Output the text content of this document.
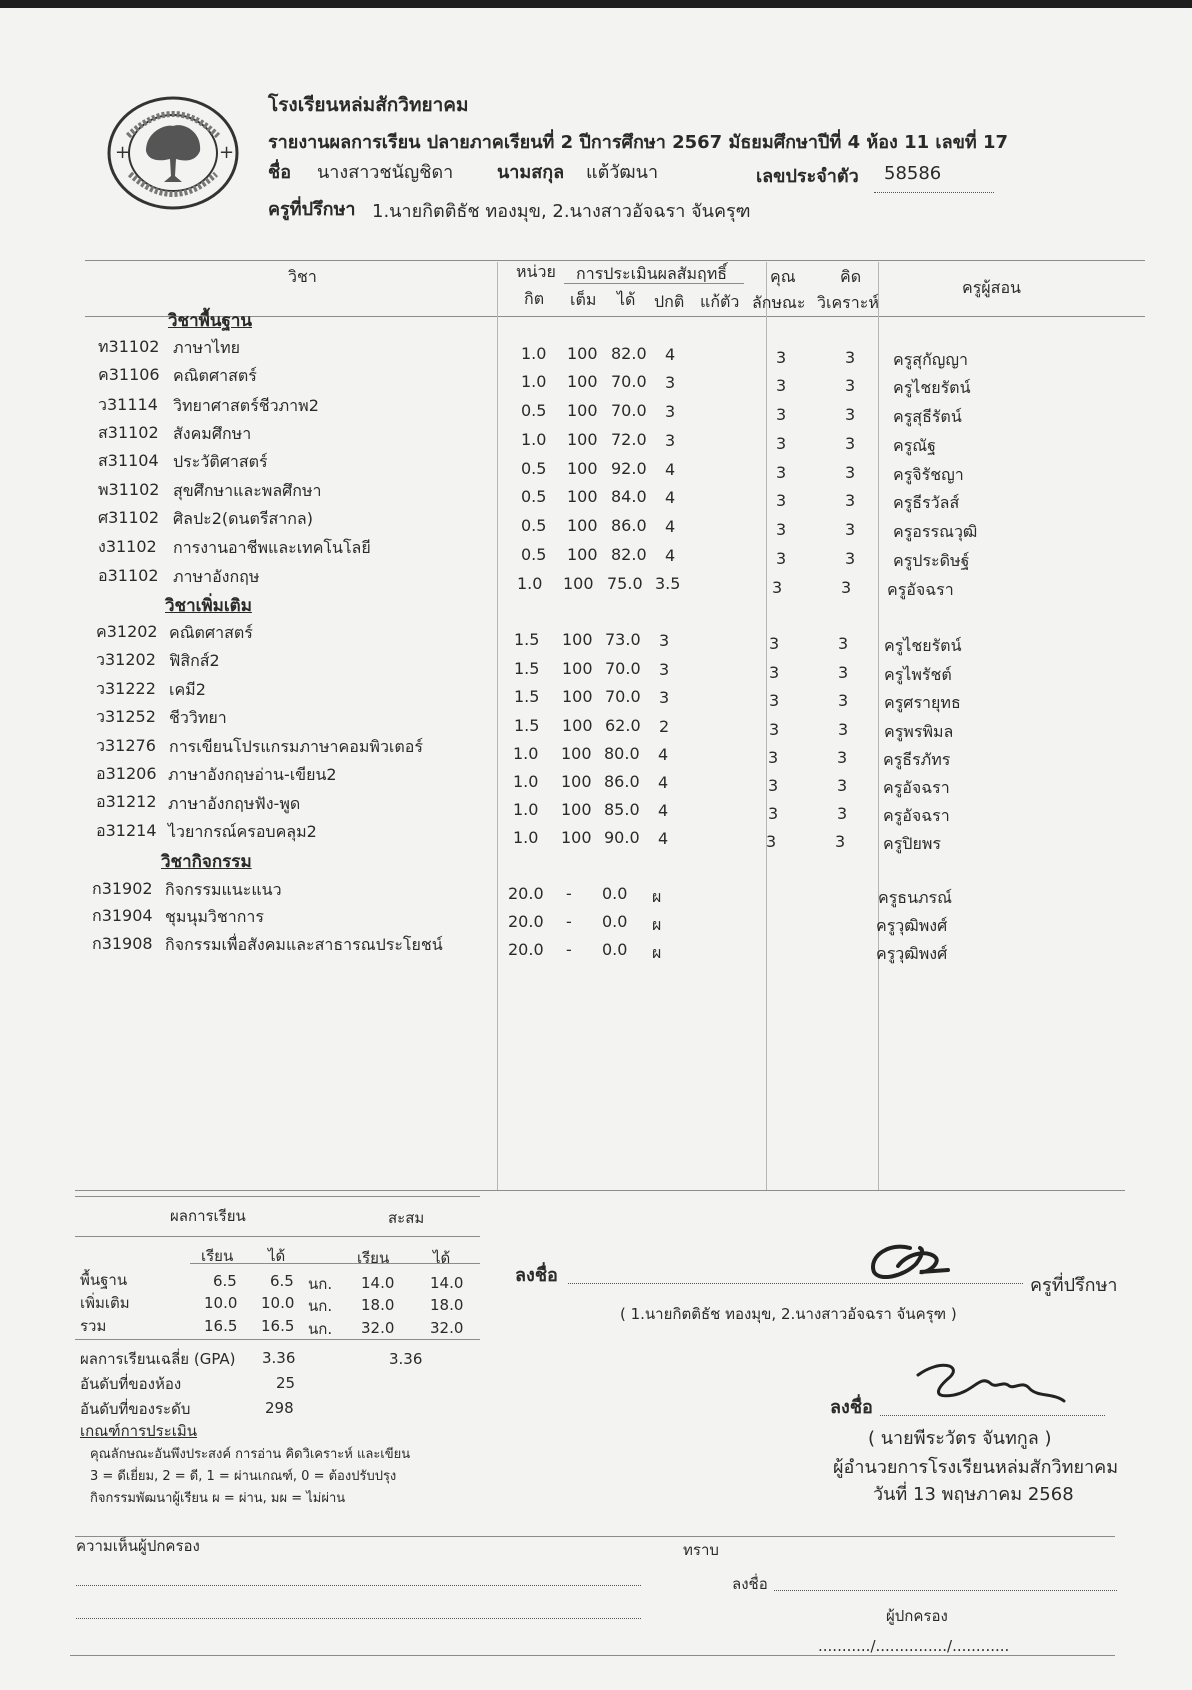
+	+
โรงเรียนหล่มสักวิทยาคม
รายงานผลการเรียน ปลายภาคเรียนที่ 2 ปีการศึกษา 2567 มัธยมศึกษาปีที่ 4 ห้อง 11 เลขที่ 17
ชื่อ นางสาวชนัญชิดา นามสกุล แต้วัฒนา	เลขประจำตัว 58586
ครูที่ปรึกษา 1.นายกิตติธัช ทองมุข, 2.นางสาวอัจฉรา จันครุฑ
วิชา	หน่วย
กิต
การประเมินผลสัมฤทธิ์
เต็ม ได้ ปกติ แก้ตัว
คุณ
ลักษณะ
คิด
วิเคราะห์
ครูผู้สอน
วิชาพื้นฐาน
ท31102 ภาษาไทย	1.0 100 82.0 4	3	3 ครูสุกัญญา
ค31106 คณิตศาสตร์	1.0 100 70.0 3	3	3 ครูไชยรัตน์
ว31114 วิทยาศาสตร์ชีวภาพ2	0.5 100 70.0 3	3	3 ครูสุธีรัตน์
ส31102 สังคมศึกษา	1.0 100 72.0 3	3	3 ครูณัฐ
ส31104 ประวัติศาสตร์	0.5 100 92.0 4	3	3 ครูจิรัชญา
พ31102 สุขศึกษาและพลศึกษา	0.5 100 84.0 4	3	3 ครูธีรวัลส์
ศ31102 ศิลปะ2(ดนตรีสากล)	0.5 100 86.0 4	3	3 ครูอรรณวุฒิ
ง31102 การงานอาชีพและเทคโนโลยี	0.5 100 82.0 4	3	3 ครูประดิษฐ์
อ31102 ภาษาอังกฤษ	1.0 100 75.0 3.5	3	3 ครูอัจฉรา
วิชาเพิ่มเติม
ค31202 คณิตศาสตร์	1.5 100 73.0 3	3	3 ครูไชยรัตน์
ว31202 ฟิสิกส์2	1.5 100 70.0 3	3	3 ครูไพรัชต์
ว31222 เคมี2	1.5 100 70.0 3	3	3 ครูศรายุทธ
ว31252 ชีววิทยา	1.5 100 62.0 2	3	3 ครูพรพิมล
ว31276 การเขียนโปรแกรมภาษาคอมพิวเตอร์	1.0 100 80.0 4	3	3 ครูธีรภัทร
อ31206 ภาษาอังกฤษอ่าน-เขียน2	1.0 100 86.0 4	3	3 ครูอัจฉรา
อ31212 ภาษาอังกฤษฟัง-พูด	1.0 100 85.0 4	3	3 ครูอัจฉรา
อ31214 ไวยากรณ์ครอบคลุม2	1.0 100 90.0 4	3	3 ครูปิยพร
วิชากิจกรรม
ก31902 กิจกรรมแนะแนว	20.0 - 0.0 ผ	ครูธนภรณ์
ก31904 ชุมนุมวิชาการ	20.0 - 0.0 ผ	ครูวุฒิพงศ์
ก31908 กิจกรรมเพื่อสังคมและสาธารณประโยชน์	20.0 - 0.0 ผ	ครูวุฒิพงศ์
ผลการเรียน	สะสม
เรียน ได้	เรียน	ได้
พื้นฐาน	6.5 6.5 นก. 14.0 14.0
เพิ่มเติม	10.0 10.0 นก. 18.0 18.0
รวม	16.5 16.5 นก. 32.0 32.0
ผลการเรียนเฉลี่ย (GPA) 3.36	3.36
อันดับที่ของห้อง	25
อันดับที่ของระดับ	298
เกณฑ์การประเมิน
คุณลักษณะอันพึงประสงค์ การอ่าน คิดวิเคราะห์ และเขียน
3 = ดีเยี่ยม, 2 = ดี, 1 = ผ่านเกณฑ์, 0 = ต้องปรับปรุง
กิจกรรมพัฒนาผู้เรียน ผ = ผ่าน, มผ = ไม่ผ่าน
ลงชื่อ	ครูที่ปรึกษา
( 1.นายกิตติธัช ทองมุข, 2.นางสาวอัจฉรา จันครุฑ )
ลงชื่อ
( นายพีระวัตร จันทกูล )
ผู้อำนวยการโรงเรียนหล่มสักวิทยาคม
วันที่ 13 พฤษภาคม 2568
ความเห็นผู้ปกครอง	ทราบ
ลงชื่อ
ผู้ปกครอง
.........../.............../............
